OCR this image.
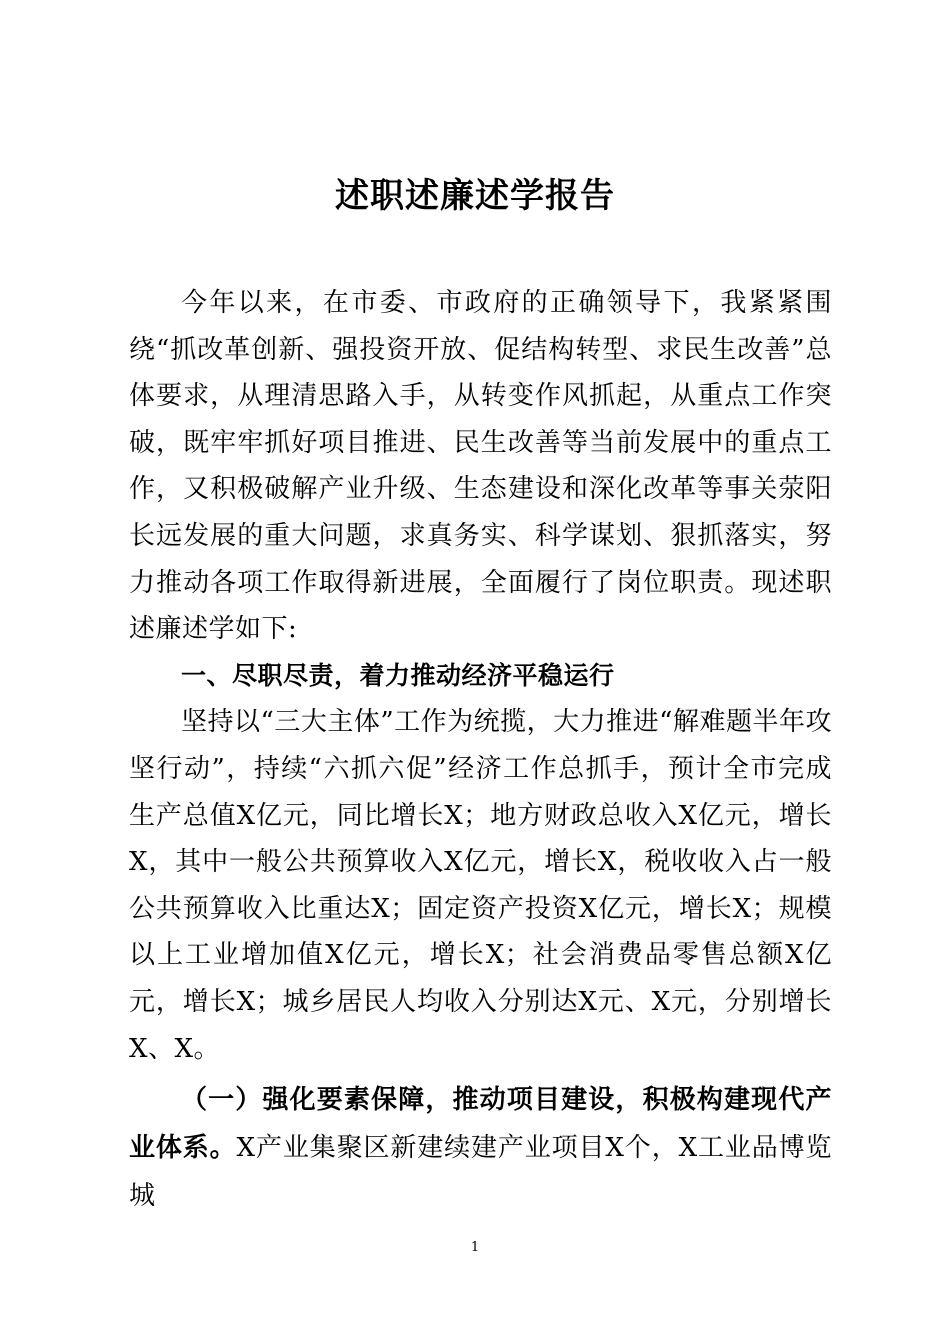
述职述廉述学报告

今年以来，在市委、市政府的正确领导下，我紧紧围绕“抓改革创新、强投资开放、促结构转型、求民生改善”总体要求，从理清思路入手，从转变作风抓起，从重点工作突破，既牢牢抓好项目推进、民生改善等当前发展中的重点工作，又积极破解产业升级、生态建设和深化改革等事关荥阳长远发展的重大问题，求真务实、科学谋划、狠抓落实，努力推动各项工作取得新进展，全面履行了岗位职责。现述职述廉述学如下:

一、尽职尽责，着力推动经济平稳运行

坚持以“三大主体”工作为统揽，大力推进“解难题半年攻坚行动”，持续“六抓六促”经济工作总抓手，预计全市完成生产总值X亿元，同比增长X；地方财政总收入X亿元，增长X，其中一般公共预算收入X亿元，增长X，税收收入占一般公共预算收入比重达X；固定资产投资X亿元，增长X；规模以上工业增加值X亿元，增长X；社会消费品零售总额X亿元，增长X；城乡居民人均收入分别达X元、X元，分别增长X、X。

（一）强化要素保障，推动项目建设，积极构建现代产业体系。X产业集聚区新建续建产业项目X个，X工业品博览城

1
